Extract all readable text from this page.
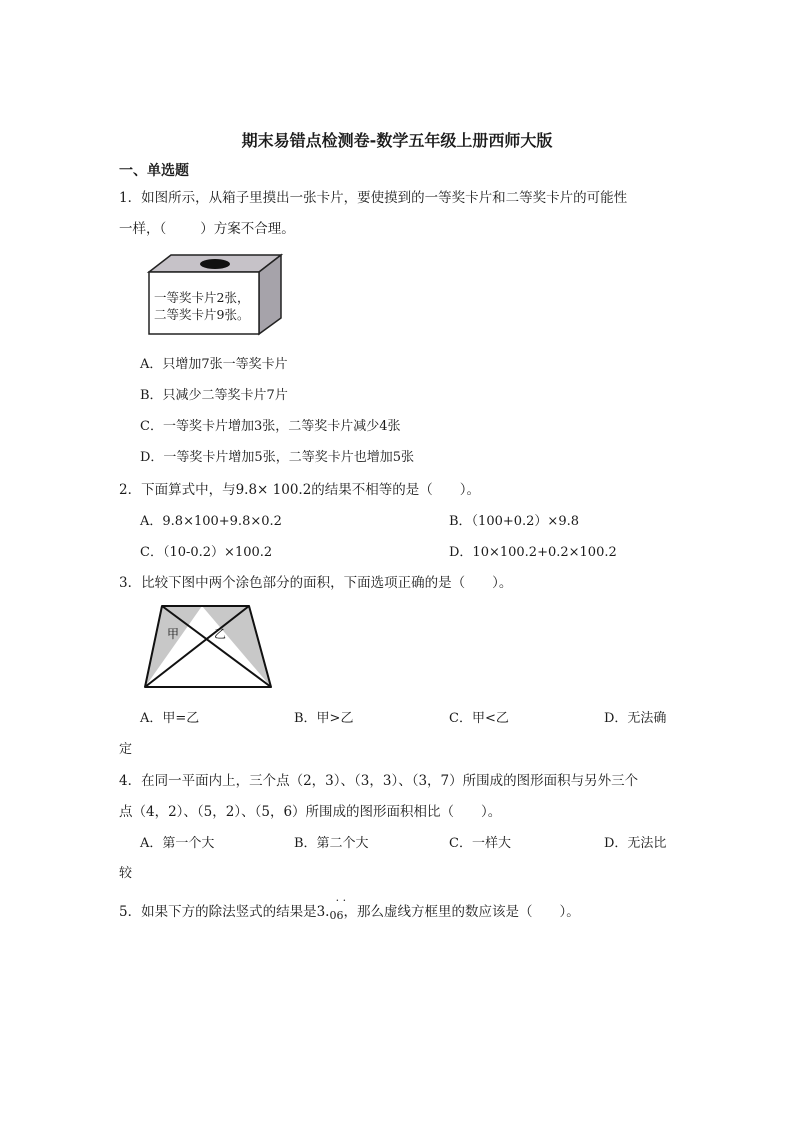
期末易错点检测卷-数学五年级上册西师大版
一、单选题
1．如图所示，从箱子里摸出一张卡片，要使摸到的一等奖卡片和二等奖卡片的可能性
一样，（	）方案不合理。
一等奖卡片2张，
二等奖卡片9张。
A．只增加7张一等奖卡片
B．只减少二等奖卡片7片
C．一等奖卡片增加3张，二等奖卡片减少4张
D．一等奖卡片增加5张，二等奖卡片也增加5张
2．下面算式中，与9.8× 100.2的结果不相等的是（　　）。
A．9.8×100+9.8×0.2	B．（100+0.2）×9.8
C．（10-0.2）×100.2	D．10×100.2+0.2×100.2
3．比较下图中两个涂色部分的面积，下面选项正确的是（　　）。
甲	乙
A．甲=乙	B．甲>乙	C．甲<乙	D．无法确
定
4．在同一平面内上，三个点（2，3）、（3，3）、（3，7）所围成的图形面积与另外三个
点（4，2）、（5，2）、（5，6）所围成的图形面积相比（　　）。
A．第一个大	B．第二个大	C．一样大	D．无法比
较
5．如果下方的除法竖式的结果是$3._{06}$
· ·
，那么虚线方框里的数应该是（　　）。
